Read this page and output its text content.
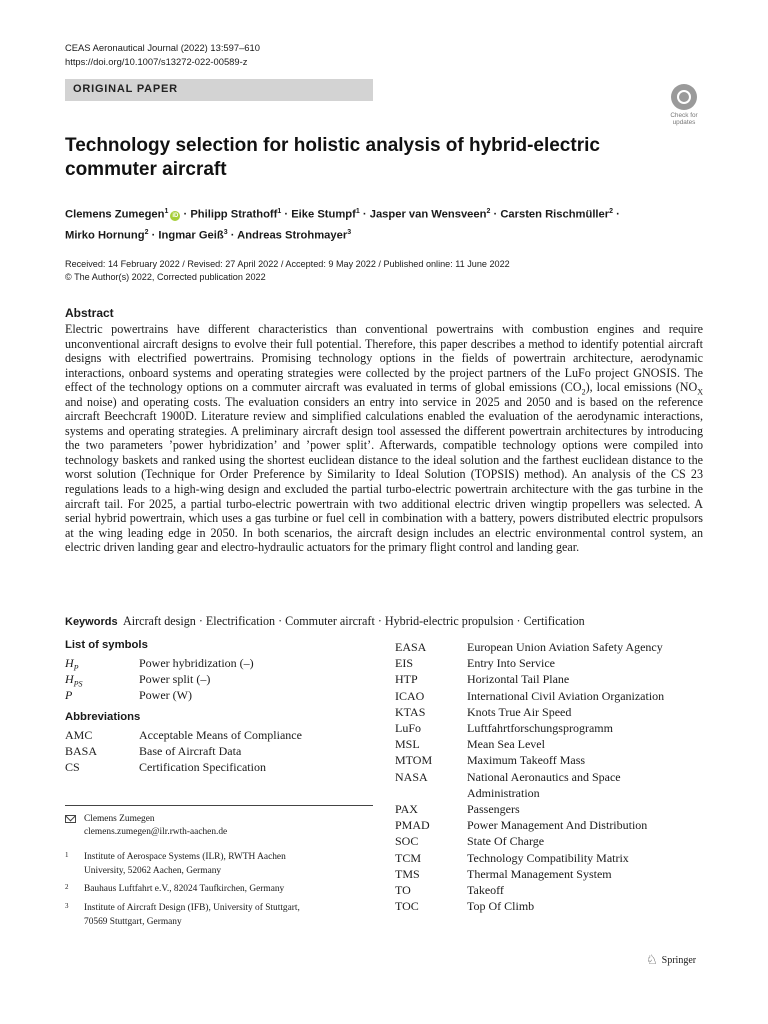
CEAS Aeronautical Journal (2022) 13:597–610
https://doi.org/10.1007/s13272-022-00589-z
ORIGINAL PAPER
Check for
updates
Technology selection for holistic analysis of hybrid-electric commuter aircraft
Clemens Zumegen$^1$iD · Philipp Strathoff$^1$ · Eike Stumpf$^1$ · Jasper van Wensveen$^2$ · Carsten Rischmüller$^2$ ·
Mirko Hornung$^2$ · Ingmar Geiß$^3$ · Andreas Strohmayer$^3$
Received: 14 February 2022 / Revised: 27 April 2022 / Accepted: 9 May 2022 / Published online: 11 June 2022
© The Author(s) 2022, Corrected publication 2022
Abstract

Electric powertrains have different characteristics than conventional powertrains with combustion engines and require unconventional aircraft designs to evolve their full potential. Therefore, this paper describes a method to identify potential aircraft designs with electrified powertrains. Promising technology options in the fields of powertrain architecture, aerodynamic interactions, onboard systems and operating strategies were collected by the project partners of the LuFo project GNOSIS. The effect of the technology options on a commuter aircraft was evaluated in terms of global emissions $(CO_2)$, local emissions ($NO_X$ and noise) and operating costs. The evaluation considers an entry into service in 2025 and 2050 and is based on the reference aircraft Beechcraft 1900D. Literature review and simplified calculations enabled the evaluation of the aerodynamic interactions, systems and operating strategies. A preliminary aircraft design tool assessed the different powertrain architectures by introducing the two parameters ’power hybridization’ and ’power split’. Afterwards, compatible technology options were compiled into technology baskets and ranked using the shortest euclidean distance to the ideal solution and the farthest euclidean distance to the worst solution (Technique for Order Preference by Similarity to Ideal Solution (TOPSIS) method). An analysis of the CS 23 regulations leads to a high-wing design and excluded the partial turbo-electric powertrain architecture with the gas turbine in the aircraft tail. For 2025, a partial turbo-electric powertrain with two additional electric driven wingtip propellers was selected. A serial hybrid powertrain, which uses a gas turbine or fuel cell in combination with a battery, powers distributed electric propulsors at the wing leading edge in 2050. In both scenarios, the aircraft design includes an electric environmental control system, an electric driven landing gear and electro-hydraulic actuators for the primary flight control and landing gear.

Keywords Aircraft design · Electrification · Commuter aircraft · Hybrid-electric propulsion · Certification
List of symbols
$H_P$	Power hybridization (–)
$H_{PS}$	Power split (–)
P	Power (W)
Abbreviations
AMC	Acceptable Means of Compliance
BASA	Base of Aircraft Data
CS	Certification Specification
EASA	European Union Aviation Safety Agency
EIS	Entry Into Service
HTP	Horizontal Tail Plane
ICAO	International Civil Aviation Organization
KTAS	Knots True Air Speed
LuFo	Luftfahrtforschungsprogramm
MSL	Mean Sea Level
MTOM	Maximum Takeoff Mass
NASA	National Aeronautics and Space
Administration
PAX	Passengers
PMAD	Power Management And Distribution
SOC	State Of Charge
TCM	Technology Compatibility Matrix
TMS	Thermal Management System
TO	Takeoff
TOC	Top Of Climb
Clemens Zumegen
clemens.zumegen@ilr.rwth-aachen.de
1 Institute of Aerospace Systems (ILR), RWTH Aachen
University, 52062 Aachen, Germany
2 Bauhaus Luftfahrt e.V., 82024 Taufkirchen, Germany
3 Institute of Aircraft Design (IFB), University of Stuttgart,
70569 Stuttgart, Germany
♘ Springer
